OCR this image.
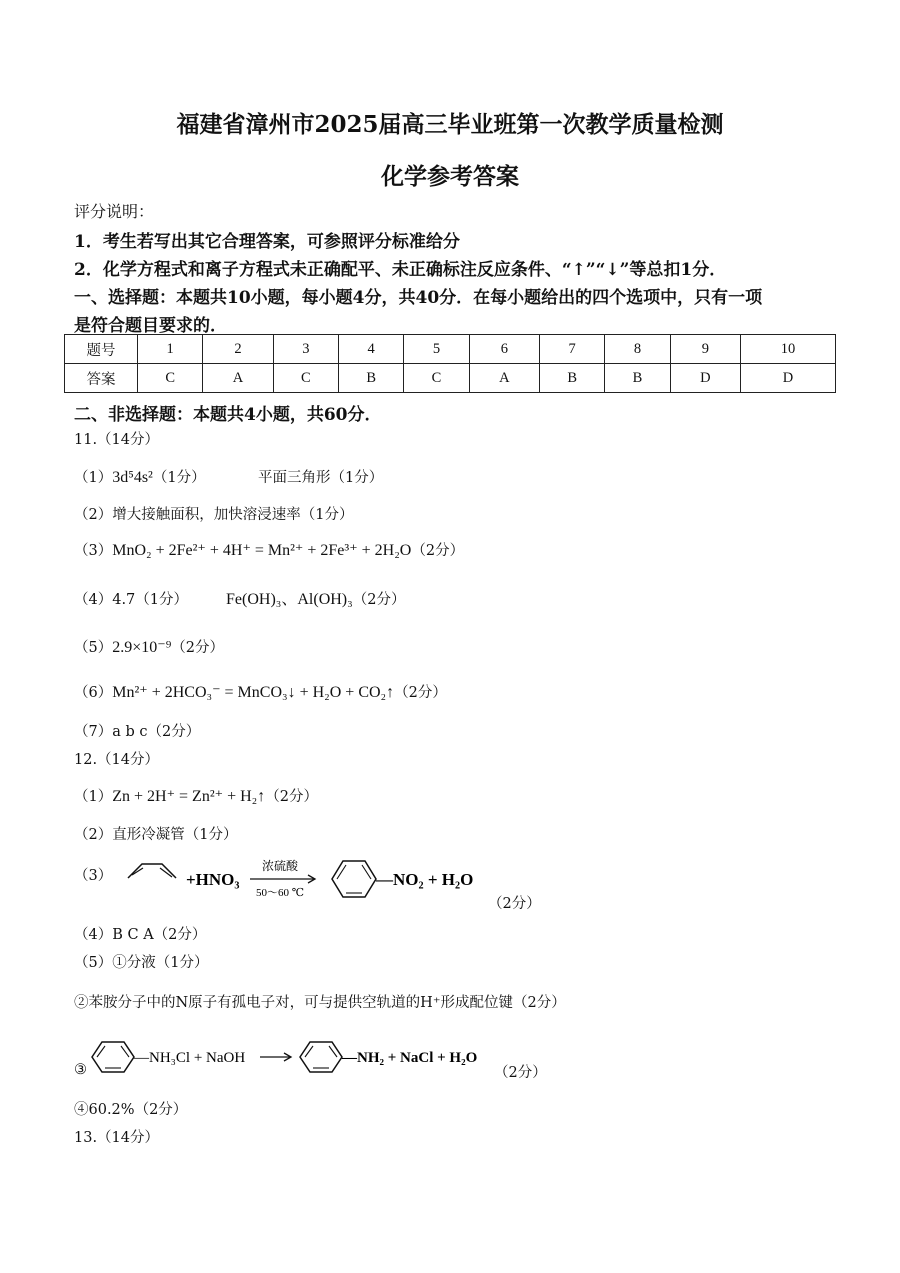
福建省漳州市2025届高三毕业班第一次教学质量检测
化学参考答案
评分说明：
1．考生若写出其它合理答案，可参照评分标准给分
2．化学方程式和离子方程式未正确配平、未正确标注反应条件、“↑”“↓”等总扣1分．
一、选择题：本题共10小题，每小题4分，共40分．在每小题给出的四个选项中，只有一项
是符合题目要求的．
题号	1	2	3	4	5	6	7	8	9	10
答案	C	A	C	B	C	A	B	B	D	D
二、非选择题：本题共4小题，共60分．
11.（14分）
（1）3d⁵4s²（1分）	平面三角形（1分）
（2）增大接触面积，加快溶浸速率（1分）
（3）MnO₂ + 2Fe²⁺ + 4H⁺ = Mn²⁺ + 2Fe³⁺ + 2H₂O（2分）
（4）4.7（1分） Fe(OH)₃、Al(OH)₃（2分）
（5）2.9×10⁻⁹（2分）
（6）Mn²⁺ + 2HCO₃⁻ = MnCO₃↓ + H₂O + CO₂↑（2分）
（7）a b c（2分）
12.（14分）
（1）Zn + 2H⁺ = Zn²⁺ + H₂↑（2分）
（2）直形冷凝管（1分）
（3）	+HNO₃
浓硫酸
50～60 ℃
—NO₂ + H₂O
（2分）
（4）B C A（2分）
（5）①分液（1分）
②苯胺分子中的N原子有孤电子对，可与提供空轨道的H⁺形成配位键（2分）
③
—NH₃Cl + NaOH	—NH₂ + NaCl + H₂O
（2分）
④60.2%（2分）
13.（14分）
